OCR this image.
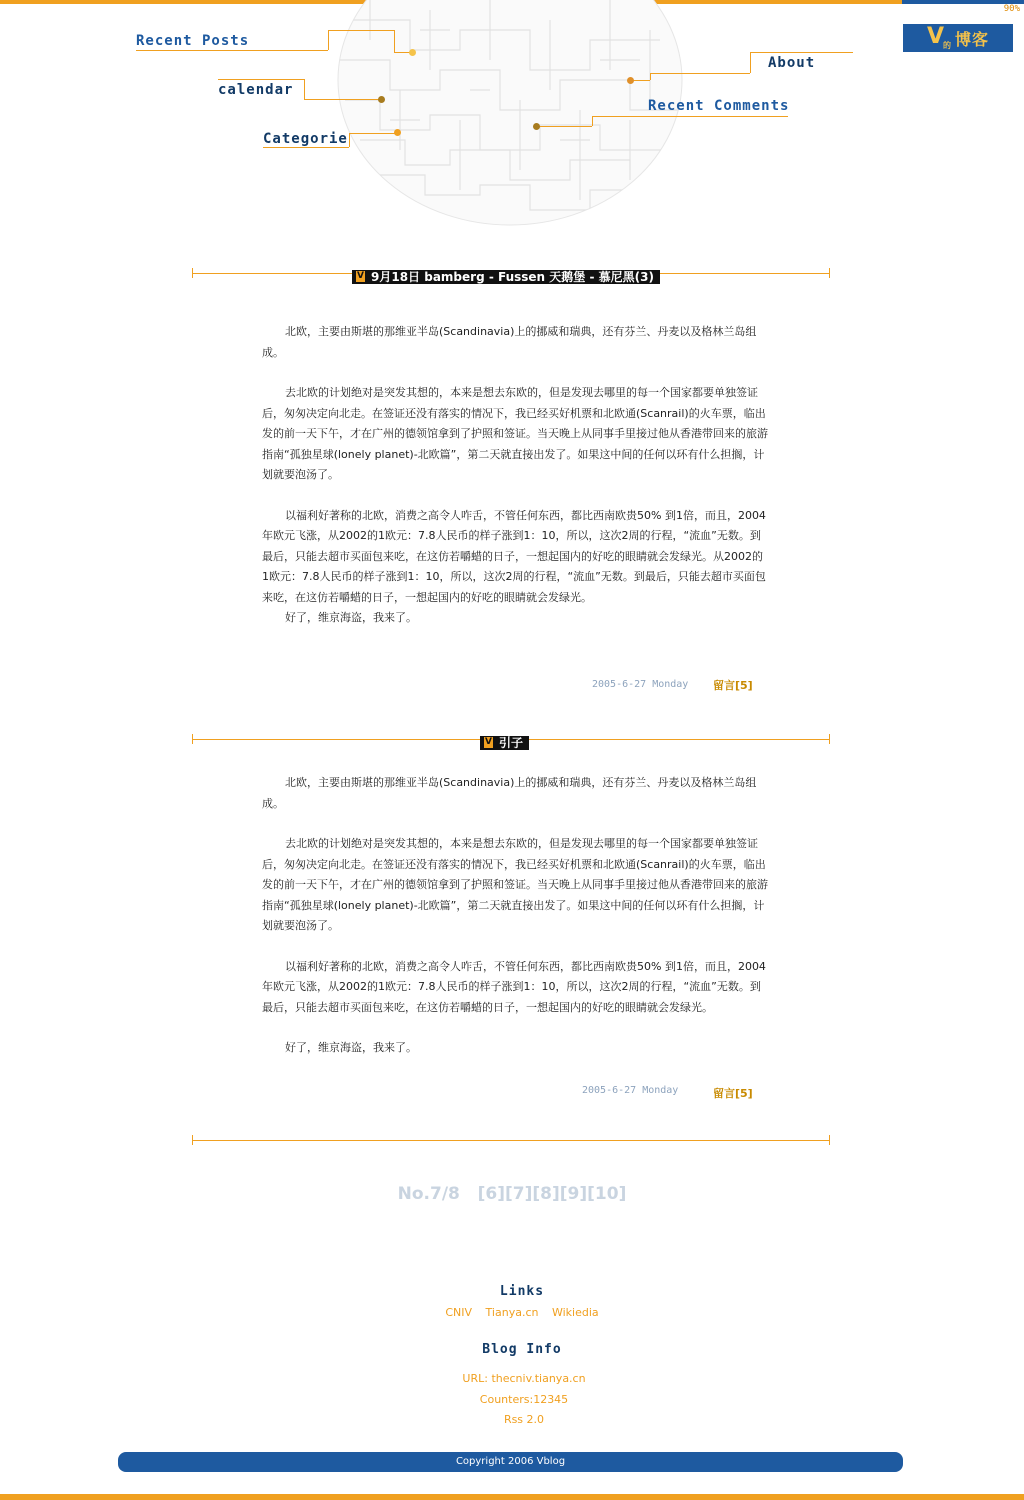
90%
V
的 博客
Recent Posts
calendar
Categorie
About
Recent Comments
V 9月18日 bamberg - Fussen 天鹅堡 - 慕尼黑(3)

北欧，主要由斯堪的那维亚半岛(Scandinavia)上的挪威和瑞典，还有芬兰、丹麦以及格林兰岛组成。

去北欧的计划绝对是突发其想的，本来是想去东欧的，但是发现去哪里的每一个国家都要单独签证后，匆匆决定向北走。在签证还没有落实的情况下，我已经买好机票和北欧通(Scanrail)的火车票，临出发的前一天下午，才在广州的德领馆拿到了护照和签证。当天晚上从同事手里接过他从香港带回来的旅游指南“孤独星球(lonely planet)-北欧篇”，第二天就直接出发了。如果这中间的任何以环有什么担搁，计划就要泡汤了。

以福利好著称的北欧，消费之高令人咋舌，不管任何东西，都比西南欧贵50% 到1倍，而且，2004年欧元飞涨，从2002的1欧元：7.8人民币的样子涨到1：10，所以，这次2周的行程，“流血”无数。到最后，只能去超市买面包来吃，在这仿若嚼蜡的日子，一想起国内的好吃的眼睛就会发绿光。从2002的1欧元：7.8人民币的样子涨到1：10，所以，这次2周的行程，“流血”无数。到最后，只能去超市买面包来吃，在这仿若嚼蜡的日子，一想起国内的好吃的眼睛就会发绿光。

好了，维京海盗，我来了。

2005-6-27 Monday 留言[5]
V 引子

北欧，主要由斯堪的那维亚半岛(Scandinavia)上的挪威和瑞典，还有芬兰、丹麦以及格林兰岛组成。

去北欧的计划绝对是突发其想的，本来是想去东欧的，但是发现去哪里的每一个国家都要单独签证后，匆匆决定向北走。在签证还没有落实的情况下，我已经买好机票和北欧通(Scanrail)的火车票，临出发的前一天下午，才在广州的德领馆拿到了护照和签证。当天晚上从同事手里接过他从香港带回来的旅游指南“孤独星球(lonely planet)-北欧篇”，第二天就直接出发了。如果这中间的任何以环有什么担搁，计划就要泡汤了。

以福利好著称的北欧，消费之高令人咋舌，不管任何东西，都比西南欧贵50% 到1倍，而且，2004年欧元飞涨，从2002的1欧元：7.8人民币的样子涨到1：10，所以，这次2周的行程，“流血”无数。到最后，只能去超市买面包来吃，在这仿若嚼蜡的日子，一想起国内的好吃的眼睛就会发绿光。

好了，维京海盗，我来了。

2005-6-27 Monday	留言[5]
No.7/8 [6][7][8][9][10]
Links
CNIV Tianya.cn Wikiedia
Blog Info
URL: thecniv.tianya.cn
Counters:12345
Rss 2.0
Copyright 2006 Vblog
